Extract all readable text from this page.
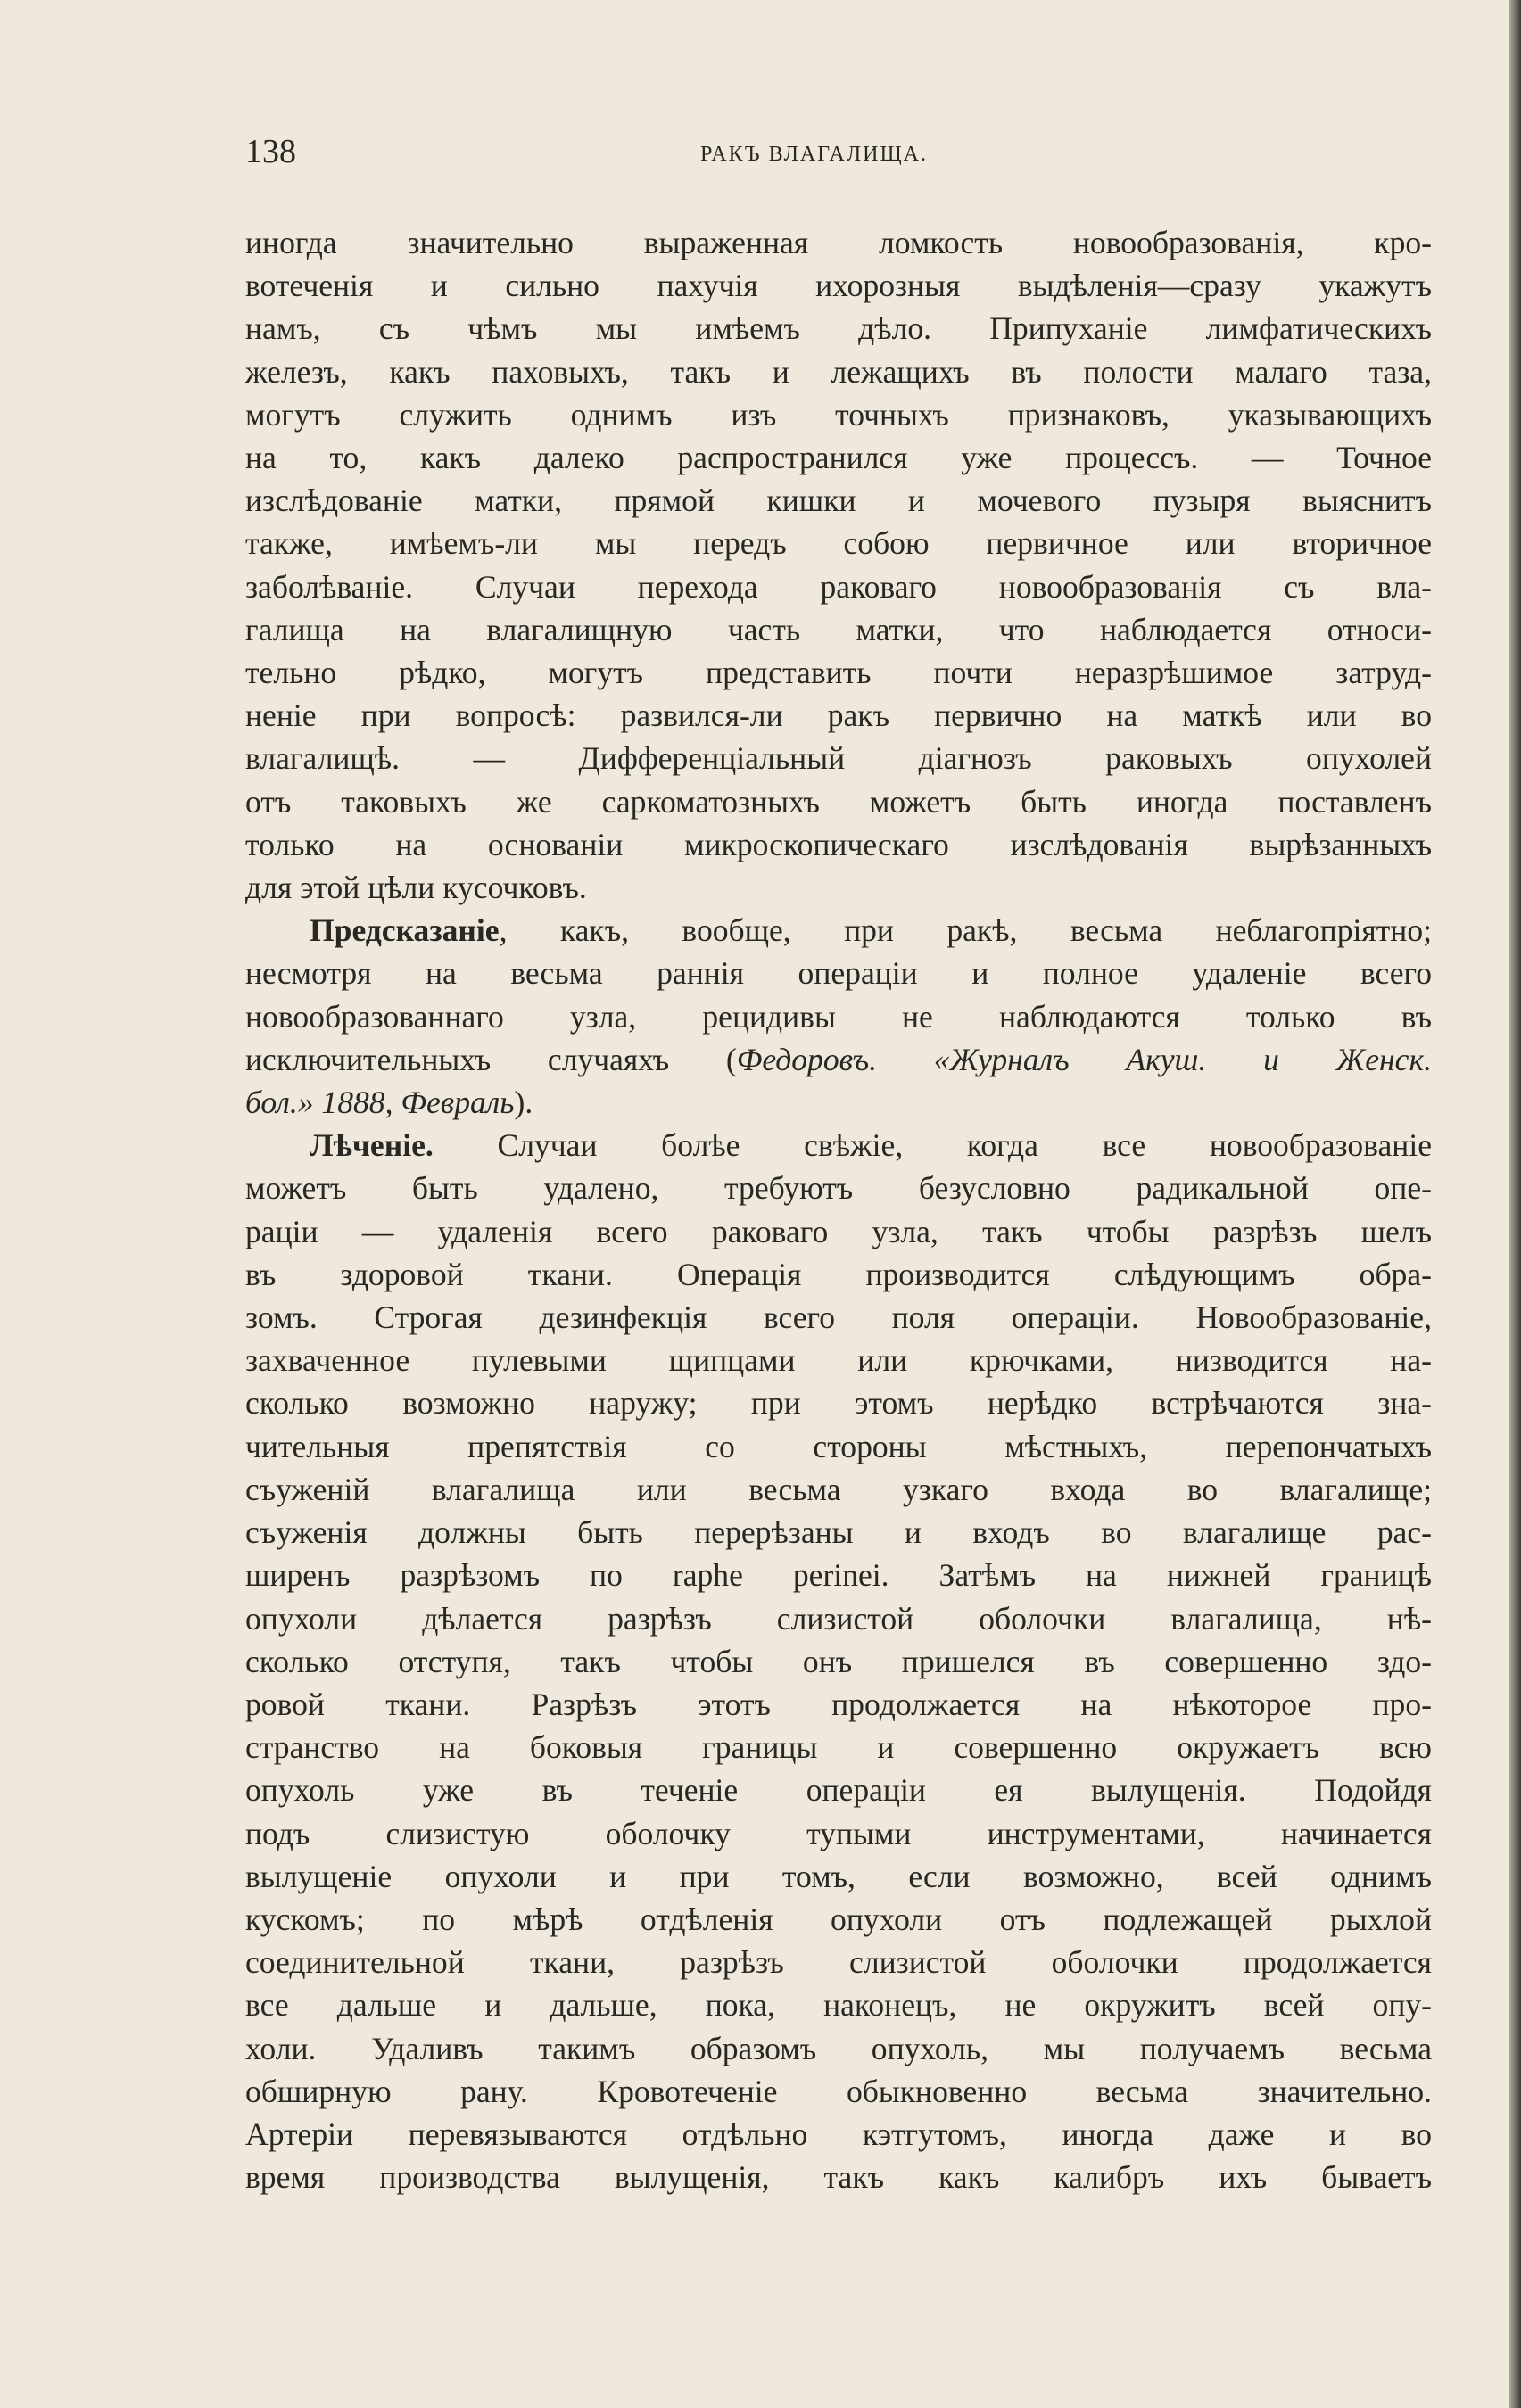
138	РАКЪ ВЛАГАЛИЩА.
иногда значительно выраженная ломкость новообразованія, кро-
вотеченія и сильно пахучія ихорозныя выдѣленія—сразу укажутъ
намъ, съ чѣмъ мы имѣемъ дѣло. Припуханіе лимфатическихъ
железъ, какъ паховыхъ, такъ и лежащихъ въ полости малаго таза,
могутъ служить однимъ изъ точныхъ признаковъ, указывающихъ
на то, какъ далеко распространился уже процессъ. — Точное
изслѣдованіе матки, прямой кишки и мочевого пузыря выяснитъ
также, имѣемъ-ли мы передъ собою первичное или вторичное
заболѣваніе. Случаи перехода раковаго новообразованія съ вла-
галища на влагалищную часть матки, что наблюдается относи-
тельно рѣдко, могутъ представить почти неразрѣшимое затруд-
неніе при вопросѣ: развился-ли ракъ первично на маткѣ или во
влагалищѣ. — Дифференціальный діагнозъ раковыхъ опухолей
отъ таковыхъ же саркоматозныхъ можетъ быть иногда поставленъ
только на основаніи микроскопическаго изслѣдованія вырѣзанныхъ
для этой цѣли кусочковъ.
Предсказаніе, какъ, вообще, при ракѣ, весьма неблагопріятно;
несмотря на весьма раннія операціи и полное удаленіе всего
новообразованнаго узла, рецидивы не наблюдаются только въ
исключительныхъ случаяхъ (Федоровъ. «Журналъ Акуш. и Женск.
бол.» 1888, Февраль).
Лѣченіе. Случаи болѣе свѣжіе, когда все новообразованіе
можетъ быть удалено, требуютъ безусловно радикальной опе-
раціи — удаленія всего раковаго узла, такъ чтобы разрѣзъ шелъ
въ здоровой ткани. Операція производится слѣдующимъ обра-
зомъ. Строгая дезинфекція всего поля операціи. Новообразованіе,
захваченное пулевыми щипцами или крючками, низводится на-
сколько возможно наружу; при этомъ нерѣдко встрѣчаются зна-
чительныя препятствія со стороны мѣстныхъ, перепончатыхъ
съуженій влагалища или весьма узкаго входа во влагалище;
съуженія должны быть перерѣзаны и входъ во влагалище рас-
ширенъ разрѣзомъ по raphe perinei. Затѣмъ на нижней границѣ
опухоли дѣлается разрѣзъ слизистой оболочки влагалища, нѣ-
сколько отступя, такъ чтобы онъ пришелся въ совершенно здо-
ровой ткани. Разрѣзъ этотъ продолжается на нѣкоторое про-
странство на боковыя границы и совершенно окружаетъ всю
опухоль уже въ теченіе операціи ея вылущенія. Подойдя
подъ слизистую оболочку тупыми инструментами, начинается
вылущеніе опухоли и при томъ, если возможно, всей однимъ
кускомъ; по мѣрѣ отдѣленія опухоли отъ подлежащей рыхлой
соединительной ткани, разрѣзъ слизистой оболочки продолжается
все дальше и дальше, пока, наконецъ, не окружитъ всей опу-
холи. Удаливъ такимъ образомъ опухоль, мы получаемъ весьма
обширную рану. Кровотеченіе обыкновенно весьма значительно.
Артеріи перевязываются отдѣльно кэтгутомъ, иногда даже и во
время производства вылущенія, такъ какъ калибръ ихъ бываетъ
